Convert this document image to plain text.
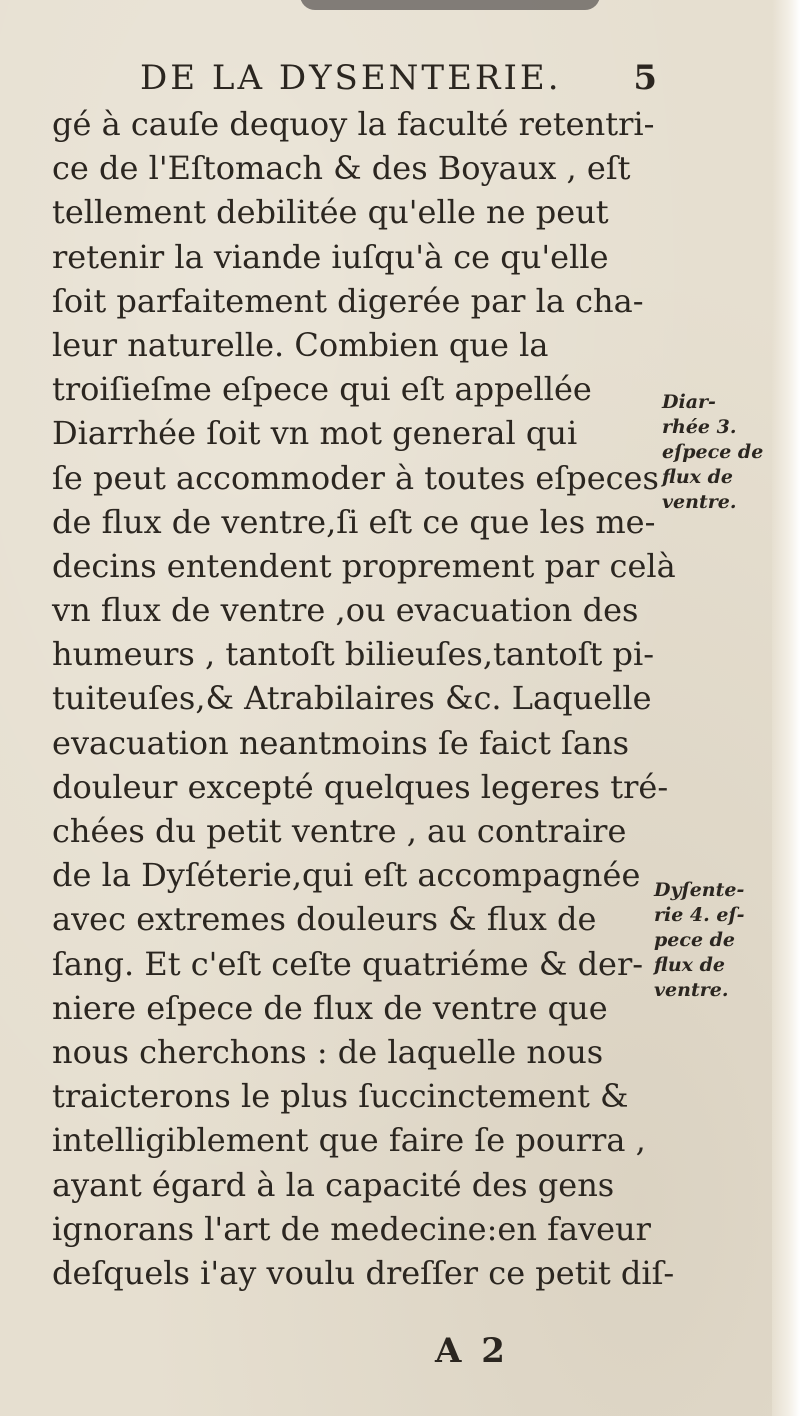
DE LA DYSENTERIE. 5
gé à cauſe dequoy la faculté retentri-
ce de l'Eſtomach & des Boyaux , eſt
tellement debilitée qu'elle ne peut
retenir la viande iuſqu'à ce qu'elle
ſoit parfaitement digerée par la cha-
leur naturelle. Combien que la
troiſieſme eſpece qui eſt appellée
Diarrhée ſoit vn mot general qui
ſe peut accommoder à toutes eſpeces
de flux de ventre,ſi eſt ce que les me-
decins entendent proprement par celà
vn flux de ventre ,ou evacuation des
humeurs , tantoſt bilieuſes,tantoſt pi-
tuiteuſes,& Atrabilaires &c. Laquelle
evacuation neantmoins ſe faict ſans
douleur excepté quelques legeres tré-
chées du petit ventre , au contraire
de la Dyſéterie,qui eſt accompagnée
avec extremes douleurs & flux de
ſang. Et c'eſt ceſte quatriéme & der-
niere eſpece de flux de ventre que
nous cherchons : de laquelle nous
traicterons le plus ſuccinctement &
intelligiblement que faire ſe pourra ,
ayant égard à la capacité des gens
ignorans l'art de medecine:en faveur
deſquels i'ay voulu dreſſer ce petit diſ-
Diar-
rhée 3.
eſpece de
flux de
ventre.
Dyſente-
rie 4. eſ-
pece de
flux de
ventre.
A 2
